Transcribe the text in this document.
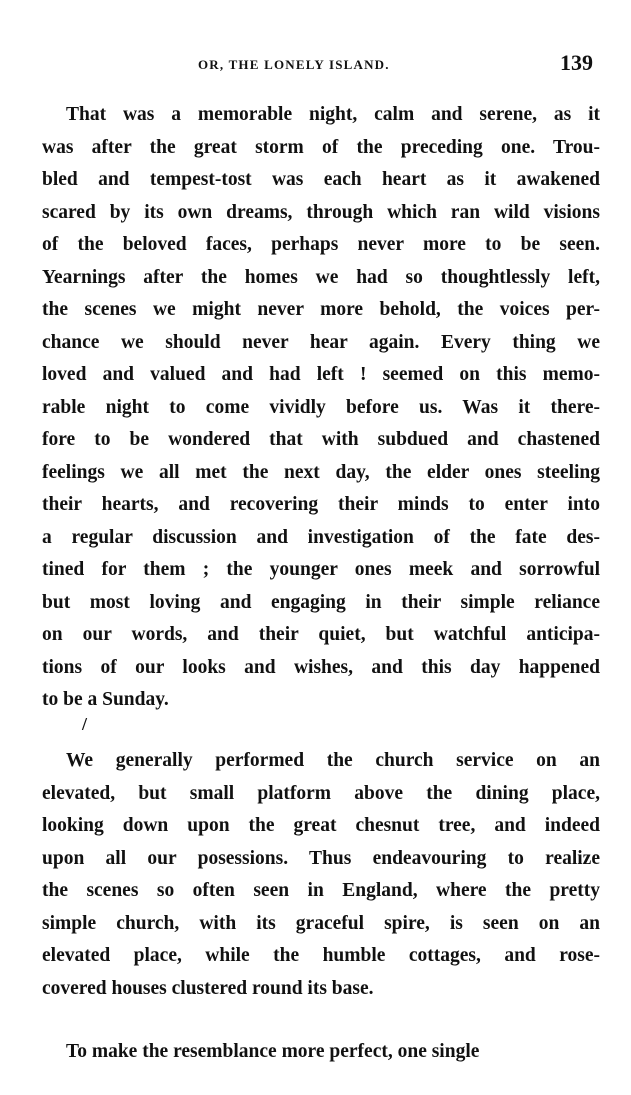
OR, THE LONELY ISLAND.	139
That was a memorable night, calm and serene, as it
was after the great storm of the preceding one. Trou-
bled and tempest-tost was each heart as it awakened
scared by its own dreams, through which ran wild visions
of the beloved faces, perhaps never more to be seen.
Yearnings after the homes we had so thoughtlessly left,
the scenes we might never more behold, the voices per-
chance we should never hear again. Every thing we
loved and valued and had left ! seemed on this memo-
rable night to come vividly before us. Was it there-
fore to be wondered that with subdued and chastened
feelings we all met the next day, the elder ones steeling
their hearts, and recovering their minds to enter into
a regular discussion and investigation of the fate des-
tined for them ; the younger ones meek and sorrowful
but most loving and engaging in their simple reliance
on our words, and their quiet, but watchful anticipa-
tions of our looks and wishes, and this day happened
to be a Sunday.
/
We generally performed the church service on an
elevated, but small platform above the dining place,
looking down upon the great chesnut tree, and indeed
upon all our posessions. Thus endeavouring to realize
the scenes so often seen in England, where the pretty
simple church, with its graceful spire, is seen on an
elevated place, while the humble cottages, and rose-
covered houses clustered round its base.
To make the resemblance more perfect, one single
